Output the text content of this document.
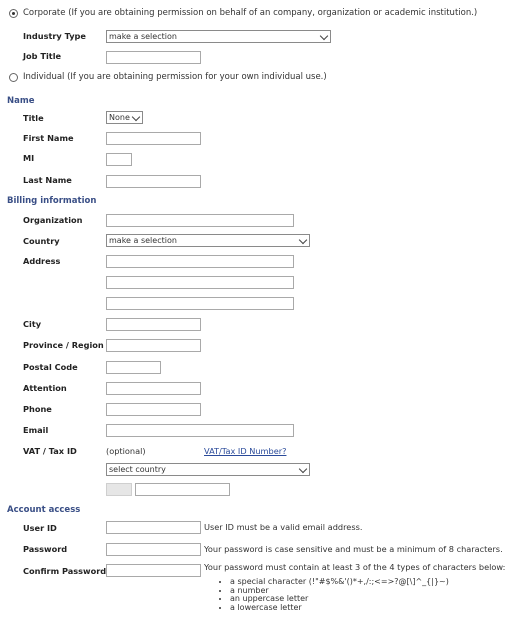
Corporate (If you are obtaining permission on behalf of an company, organization or academic institution.)
Industry Type	make a selection
Job Title
Individual (If you are obtaining permission for your own individual use.)
Name
Title	None
First Name
MI
Last Name
Billing information
Organization
Country	make a selection
Address
City
Province / Region
Postal Code
Attention
Phone
Email
VAT / Tax ID	(optional)	VAT/Tax ID Number?
select country
Account access
User ID	User ID must be a valid email address.
Password	Your password is case sensitive and must be a minimum of 8 characters.
Confirm Password	Your password must contain at least 3 of the 4 types of characters below:
• a special character (!"#$%&'()*+,/:;<=>?@[\]^_{|}~)
• a number
• an uppercase letter
• a lowercase letter
